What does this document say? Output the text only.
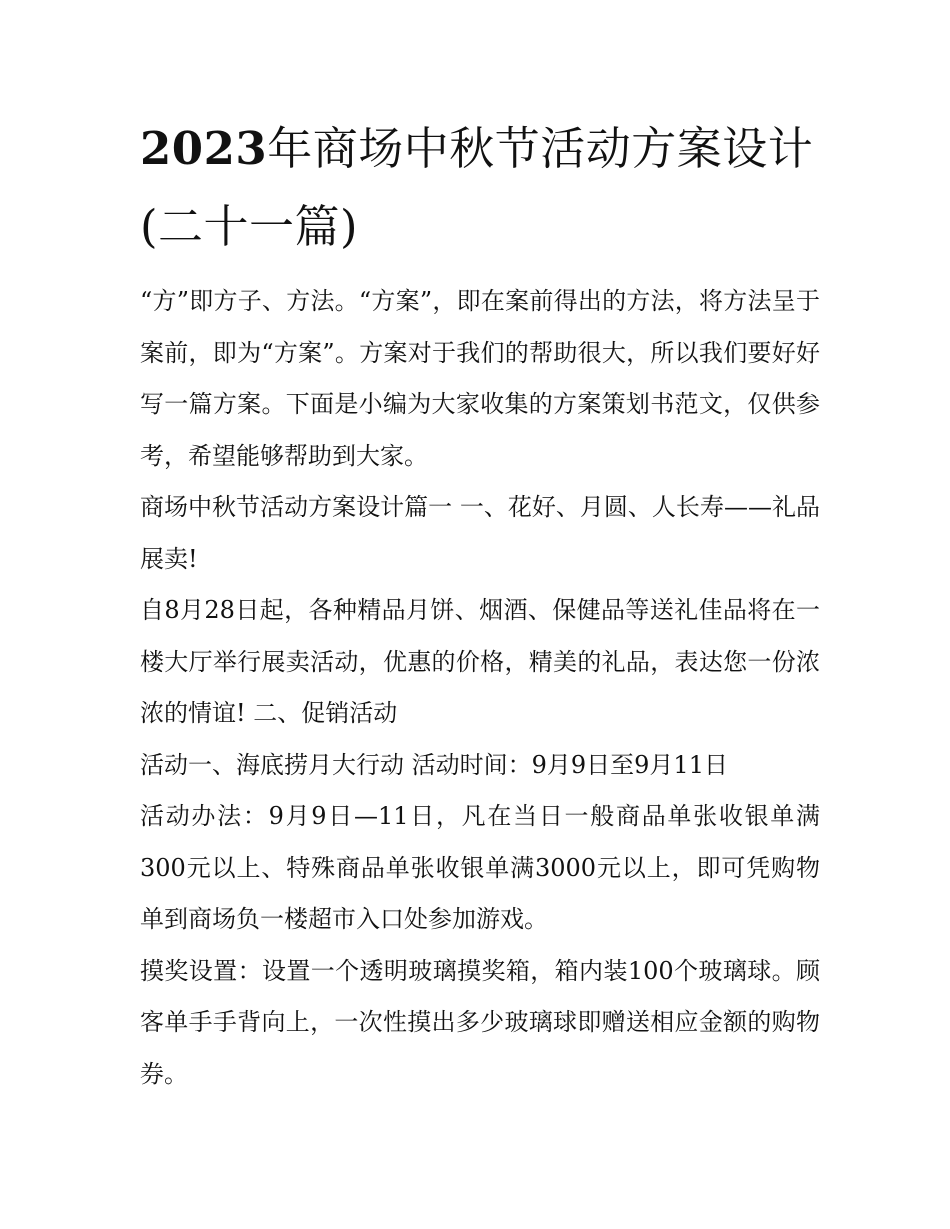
2023年商场中秋节活动方案设计(二十一篇)

“方”即方子、方法。“方案”，即在案前得出的方法，将方法呈于案前，即为“方案”。方案对于我们的帮助很大，所以我们要好好写一篇方案。下面是小编为大家收集的方案策划书范文，仅供参考，希望能够帮助到大家。

商场中秋节活动方案设计篇一 一、花好、月圆、人长寿——礼品展卖!

自8月28日起，各种精品月饼、烟酒、保健品等送礼佳品将在一楼大厅举行展卖活动，优惠的价格，精美的礼品，表达您一份浓浓的情谊! 二、促销活动

活动一、海底捞月大行动 活动时间：9月9日至9月11日

活动办法：9月9日—11日，凡在当日一般商品单张收银单满300元以上、特殊商品单张收银单满3000元以上，即可凭购物单到商场负一楼超市入口处参加游戏。

摸奖设置：设置一个透明玻璃摸奖箱，箱内装100个玻璃球。顾客单手手背向上，一次性摸出多少玻璃球即赠送相应金额的购物券。
